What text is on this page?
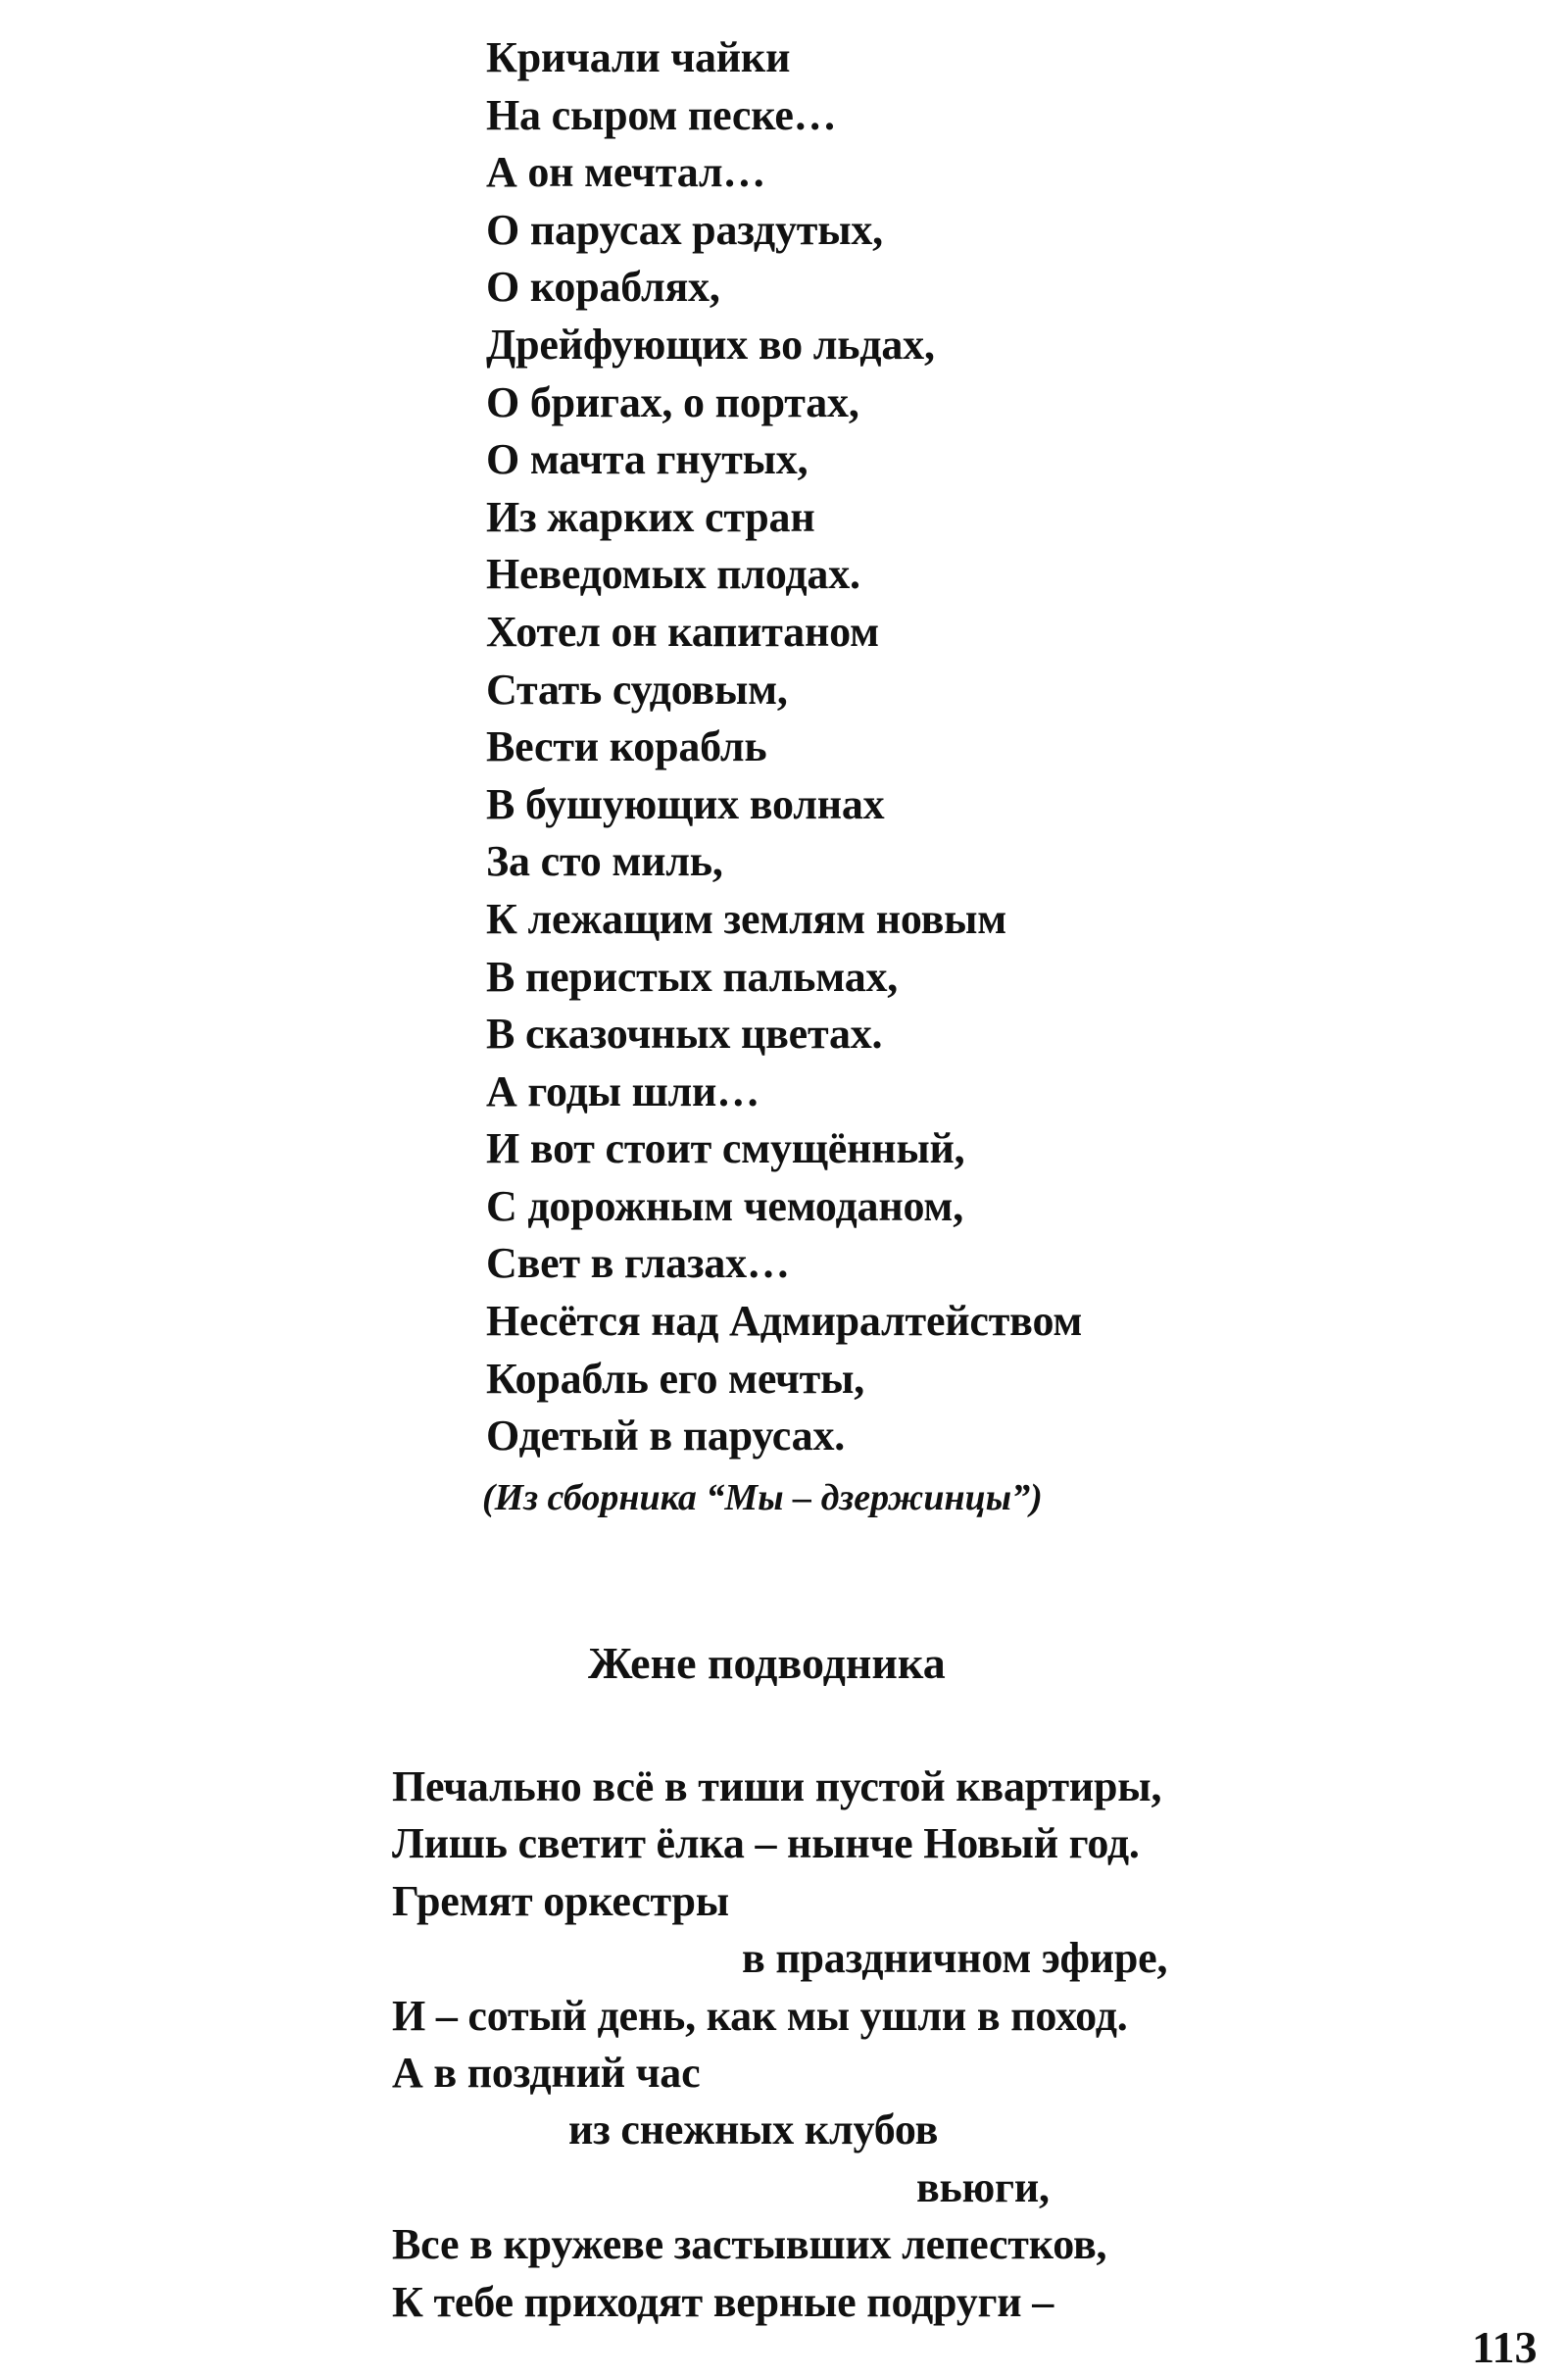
Кричали чайки
На сыром песке…
А он мечтал…
О парусах раздутых,
О кораблях,
Дрейфующих во льдах,
О бригах, о портах,
О мачта гнутых,
Из жарких стран
Неведомых плодах.
Хотел он капитаном
Стать судовым,
Вести корабль
В бушующих волнах
За сто миль,
К лежащим землям новым
В перистых пальмах,
В сказочных цветах.
А годы шли…
И вот стоит смущённый,
С дорожным чемоданом,
Свет в глазах…
Несётся над Адмиралтейством
Корабль его мечты,
Одетый в парусах.
(Из сборника “Мы – дзержинцы”)
Жене подводника
Печально всё в тиши пустой квартиры,
Лишь светит ёлка – нынче Новый год.
Гремят оркестры
в праздничном эфире,
И – сотый день, как мы ушли в поход.
А в поздний час
из снежных клубов
вьюги,
Все в кружеве застывших лепестков,
К тебе приходят верные подруги –
113
